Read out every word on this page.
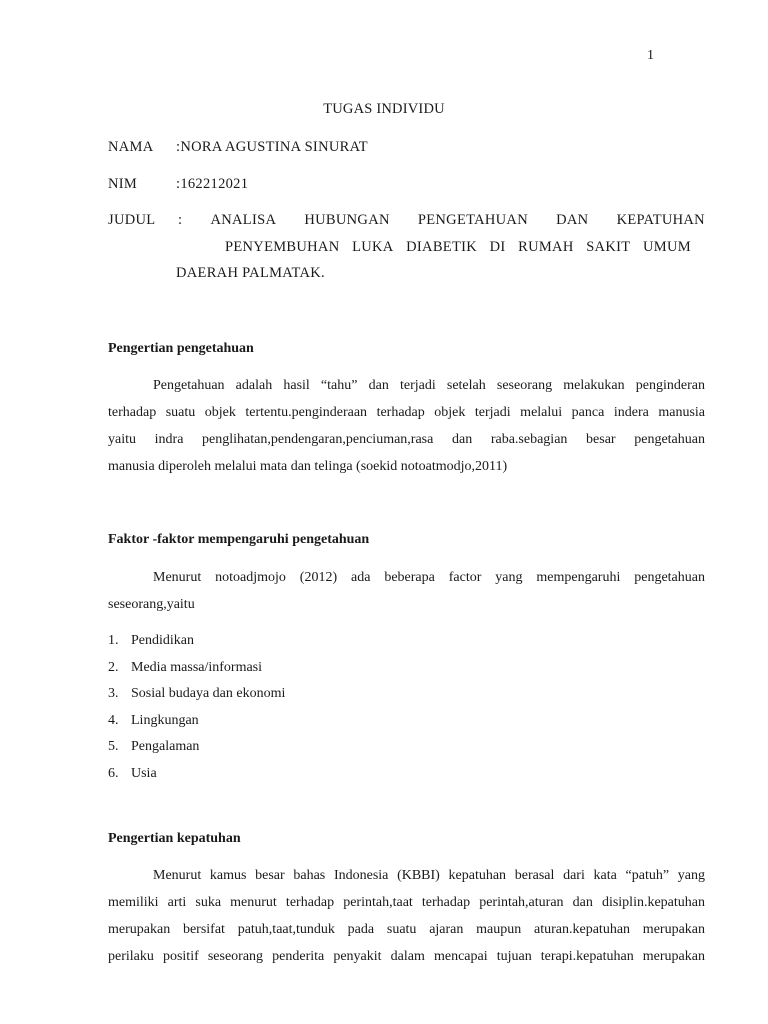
1
TUGAS INDIVIDU
NAMA :NORA AGUSTINA SINURAT
NIM	:162212021
JUDUL : ANALISA HUBUNGAN PENGETAHUAN DAN KEPATUHAN
PENYEMBUHAN LUKA DIABETIK DI RUMAH SAKIT UMUM
DAERAH PALMATAK.
Pengertian pengetahuan
Pengetahuan adalah hasil “tahu” dan terjadi setelah seseorang melakukan penginderan
terhadap suatu objek tertentu.penginderaan terhadap objek terjadi melalui panca indera manusia
yaitu indra penglihatan,pendengaran,penciuman,rasa dan raba.sebagian besar pengetahuan
manusia diperoleh melalui mata dan telinga (soekid notoatmodjo,2011)
Faktor -faktor mempengaruhi pengetahuan
Menurut notoadjmojo (2012) ada beberapa factor yang mempengaruhi pengetahuan
seseorang,yaitu
1. Pendidikan
2. Media massa/informasi
3. Sosial budaya dan ekonomi
4. Lingkungan
5. Pengalaman
6. Usia
Pengertian kepatuhan
Menurut kamus besar bahas Indonesia (KBBI) kepatuhan berasal dari kata “patuh” yang
memiliki arti suka menurut terhadap perintah,taat terhadap perintah,aturan dan disiplin.kepatuhan
merupakan bersifat patuh,taat,tunduk pada suatu ajaran maupun aturan.kepatuhan merupakan
perilaku positif seseorang penderita penyakit dalam mencapai tujuan terapi.kepatuhan merupakan
